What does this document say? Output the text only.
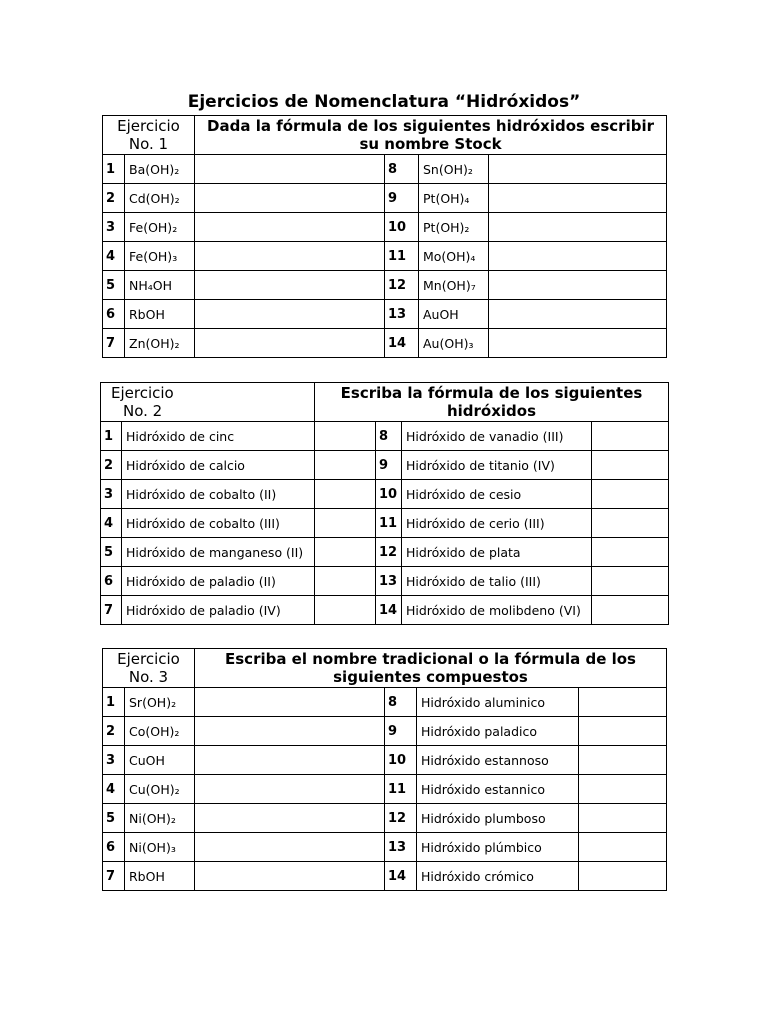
Ejercicios de Nomenclatura “Hidróxidos”
Ejercicio
No. 1		Dada la fórmula de los siguientes hidróxidos escribir su nombre Stock			
1	Ba(OH)₂		8	Sn(OH)₂	
2	Cd(OH)₂		9	Pt(OH)₄	
3	Fe(OH)₂		10	Pt(OH)₂	
4	Fe(OH)₃		11	Mo(OH)₄	
5	NH₄OH		12	Mn(OH)₇	
6	RbOH		13	AuOH	
7	Zn(OH)₂		14	Au(OH)₃	
Ejercicio
No. 2		Escriba la fórmula de los siguientes hidróxidos			
1	Hidróxido de cinc		8	Hidróxido de vanadio (III)	
2	Hidróxido de calcio		9	Hidróxido de titanio (IV)	
3	Hidróxido de cobalto (II)		10	Hidróxido de cesio	
4	Hidróxido de cobalto (III)		11	Hidróxido de cerio (III)	
5	Hidróxido de manganeso (II)		12	Hidróxido de plata	
6	Hidróxido de paladio (II)		13	Hidróxido de talio (III)	
7	Hidróxido de paladio (IV)		14	Hidróxido de molibdeno (VI)	
Ejercicio
No. 3		Escriba el nombre tradicional o la fórmula de los siguientes compuestos			
1	Sr(OH)₂		8	Hidróxido aluminico	
2	Co(OH)₂		9	Hidróxido paladico	
3	CuOH		10	Hidróxido estannoso	
4	Cu(OH)₂		11	Hidróxido estannico	
5	Ni(OH)₂		12	Hidróxido plumboso	
6	Ni(OH)₃		13	Hidróxido plúmbico	
7	RbOH		14	Hidróxido crómico	
